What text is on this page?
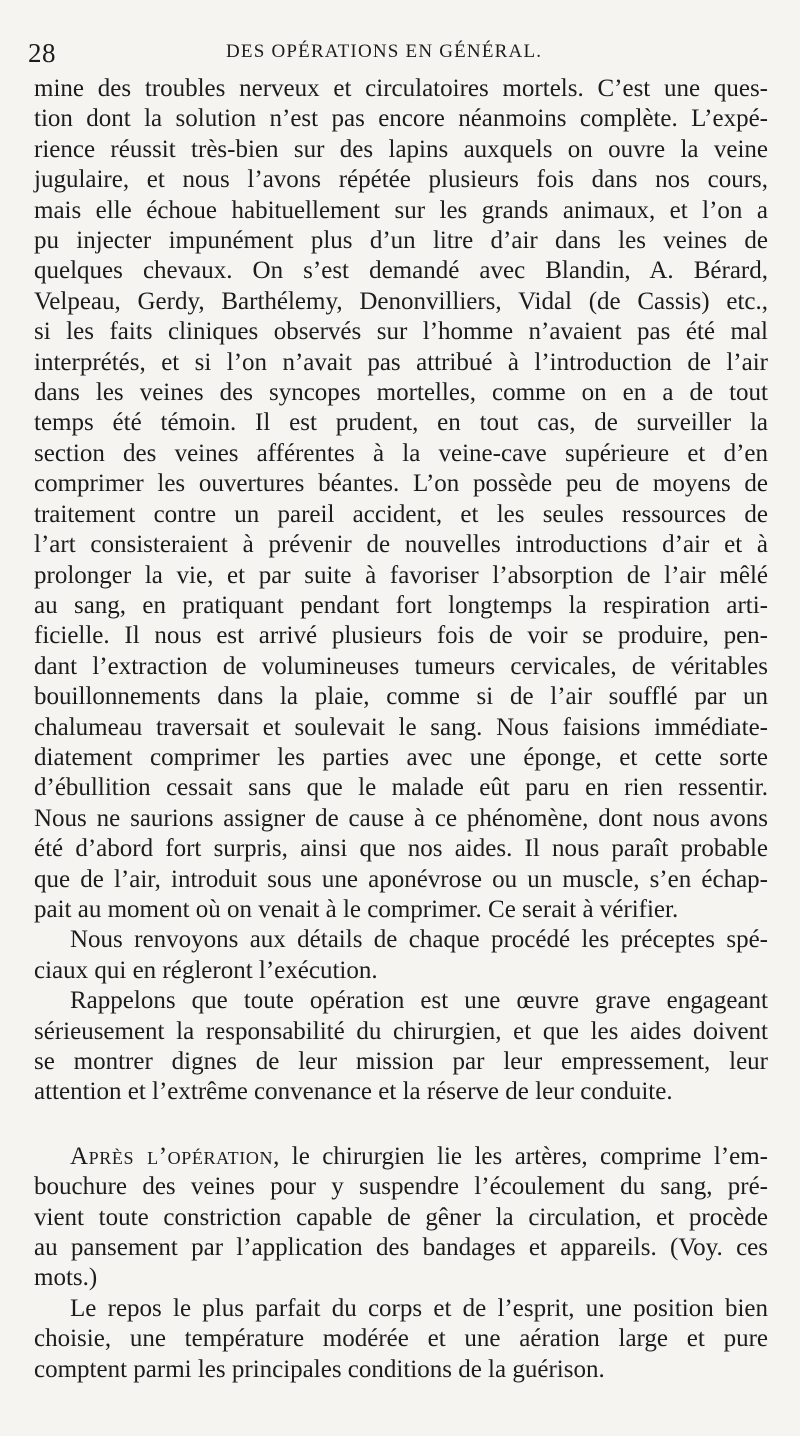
28	DES OPÉRATIONS EN GÉNÉRAL.

mine des troubles nerveux et circulatoires mortels. C’est une ques-
tion dont la solution n’est pas encore néanmoins complète. L’expé-
rience réussit très-bien sur des lapins auxquels on ouvre la veine
jugulaire, et nous l’avons répétée plusieurs fois dans nos cours,
mais elle échoue habituellement sur les grands animaux, et l’on a
pu injecter impunément plus d’un litre d’air dans les veines de
quelques chevaux. On s’est demandé avec Blandin, A. Bérard,
Velpeau, Gerdy, Barthélemy, Denonvilliers, Vidal (de Cassis) etc.,
si les faits cliniques observés sur l’homme n’avaient pas été mal
interprétés, et si l’on n’avait pas attribué à l’introduction de l’air
dans les veines des syncopes mortelles, comme on en a de tout
temps été témoin. Il est prudent, en tout cas, de surveiller la
section des veines afférentes à la veine-cave supérieure et d’en
comprimer les ouvertures béantes. L’on possède peu de moyens de
traitement contre un pareil accident, et les seules ressources de
l’art consisteraient à prévenir de nouvelles introductions d’air et à
prolonger la vie, et par suite à favoriser l’absorption de l’air mêlé
au sang, en pratiquant pendant fort longtemps la respiration arti-
ficielle. Il nous est arrivé plusieurs fois de voir se produire, pen-
dant l’extraction de volumineuses tumeurs cervicales, de véritables
bouillonnements dans la plaie, comme si de l’air soufflé par un
chalumeau traversait et soulevait le sang. Nous faisions immédiate-
diatement comprimer les parties avec une éponge, et cette sorte
d’ébullition cessait sans que le malade eût paru en rien ressentir.
Nous ne saurions assigner de cause à ce phénomène, dont nous avons
été d’abord fort surpris, ainsi que nos aides. Il nous paraît probable
que de l’air, introduit sous une aponévrose ou un muscle, s’en échap-
pait au moment où on venait à le comprimer. Ce serait à vérifier.

Nous renvoyons aux détails de chaque procédé les préceptes spé-
ciaux qui en régleront l’exécution.

Rappelons que toute opération est une œuvre grave engageant
sérieusement la responsabilité du chirurgien, et que les aides doivent
se montrer dignes de leur mission par leur empressement, leur
attention et l’extrême convenance et la réserve de leur conduite.

Après l’opération, le chirurgien lie les artères, comprime l’em-
bouchure des veines pour y suspendre l’écoulement du sang, pré-
vient toute constriction capable de gêner la circulation, et procède
au pansement par l’application des bandages et appareils. (Voy. ces
mots.)

Le repos le plus parfait du corps et de l’esprit, une position bien
choisie, une température modérée et une aération large et pure
comptent parmi les principales conditions de la guérison.
